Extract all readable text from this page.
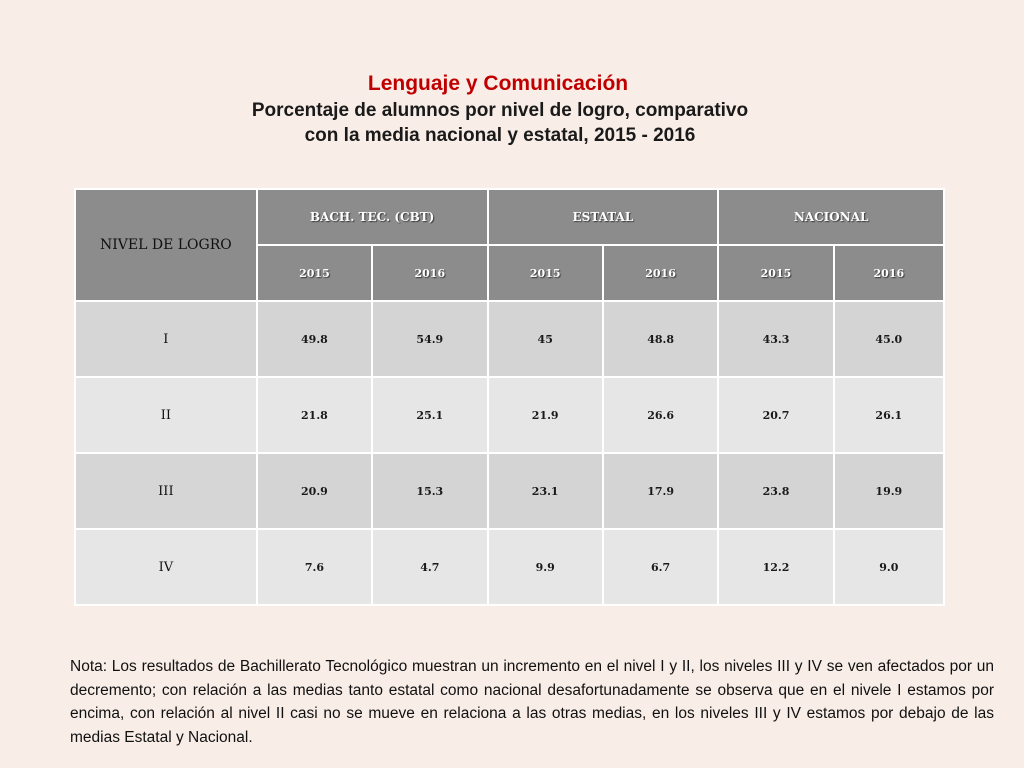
Lenguaje y Comunicación
Porcentaje de alumnos por nivel de logro, comparativo
con la media nacional y estatal, 2015 - 2016
NIVEL DE LOGRO	BACH. TEC. (CBT)		ESTATAL		NACIONAL	
	2015	2016	2015	2016	2015	2016
I	49.8	54.9	45	48.8	43.3	45.0
II	21.8	25.1	21.9	26.6	20.7	26.1
III	20.9	15.3	23.1	17.9	23.8	19.9
IV	7.6	4.7	9.9	6.7	12.2	9.0
Nota: Los resultados de Bachillerato Tecnológico muestran un incremento en el nivel I y II, los niveles III y IV se ven afectados por un decremento; con relación a las medias tanto estatal como nacional desafortunadamente se observa que en el nivele I estamos por encima, con relación al nivel II casi no se mueve en relaciona a las otras medias, en los niveles III y IV estamos por debajo de las medias Estatal y Nacional.
